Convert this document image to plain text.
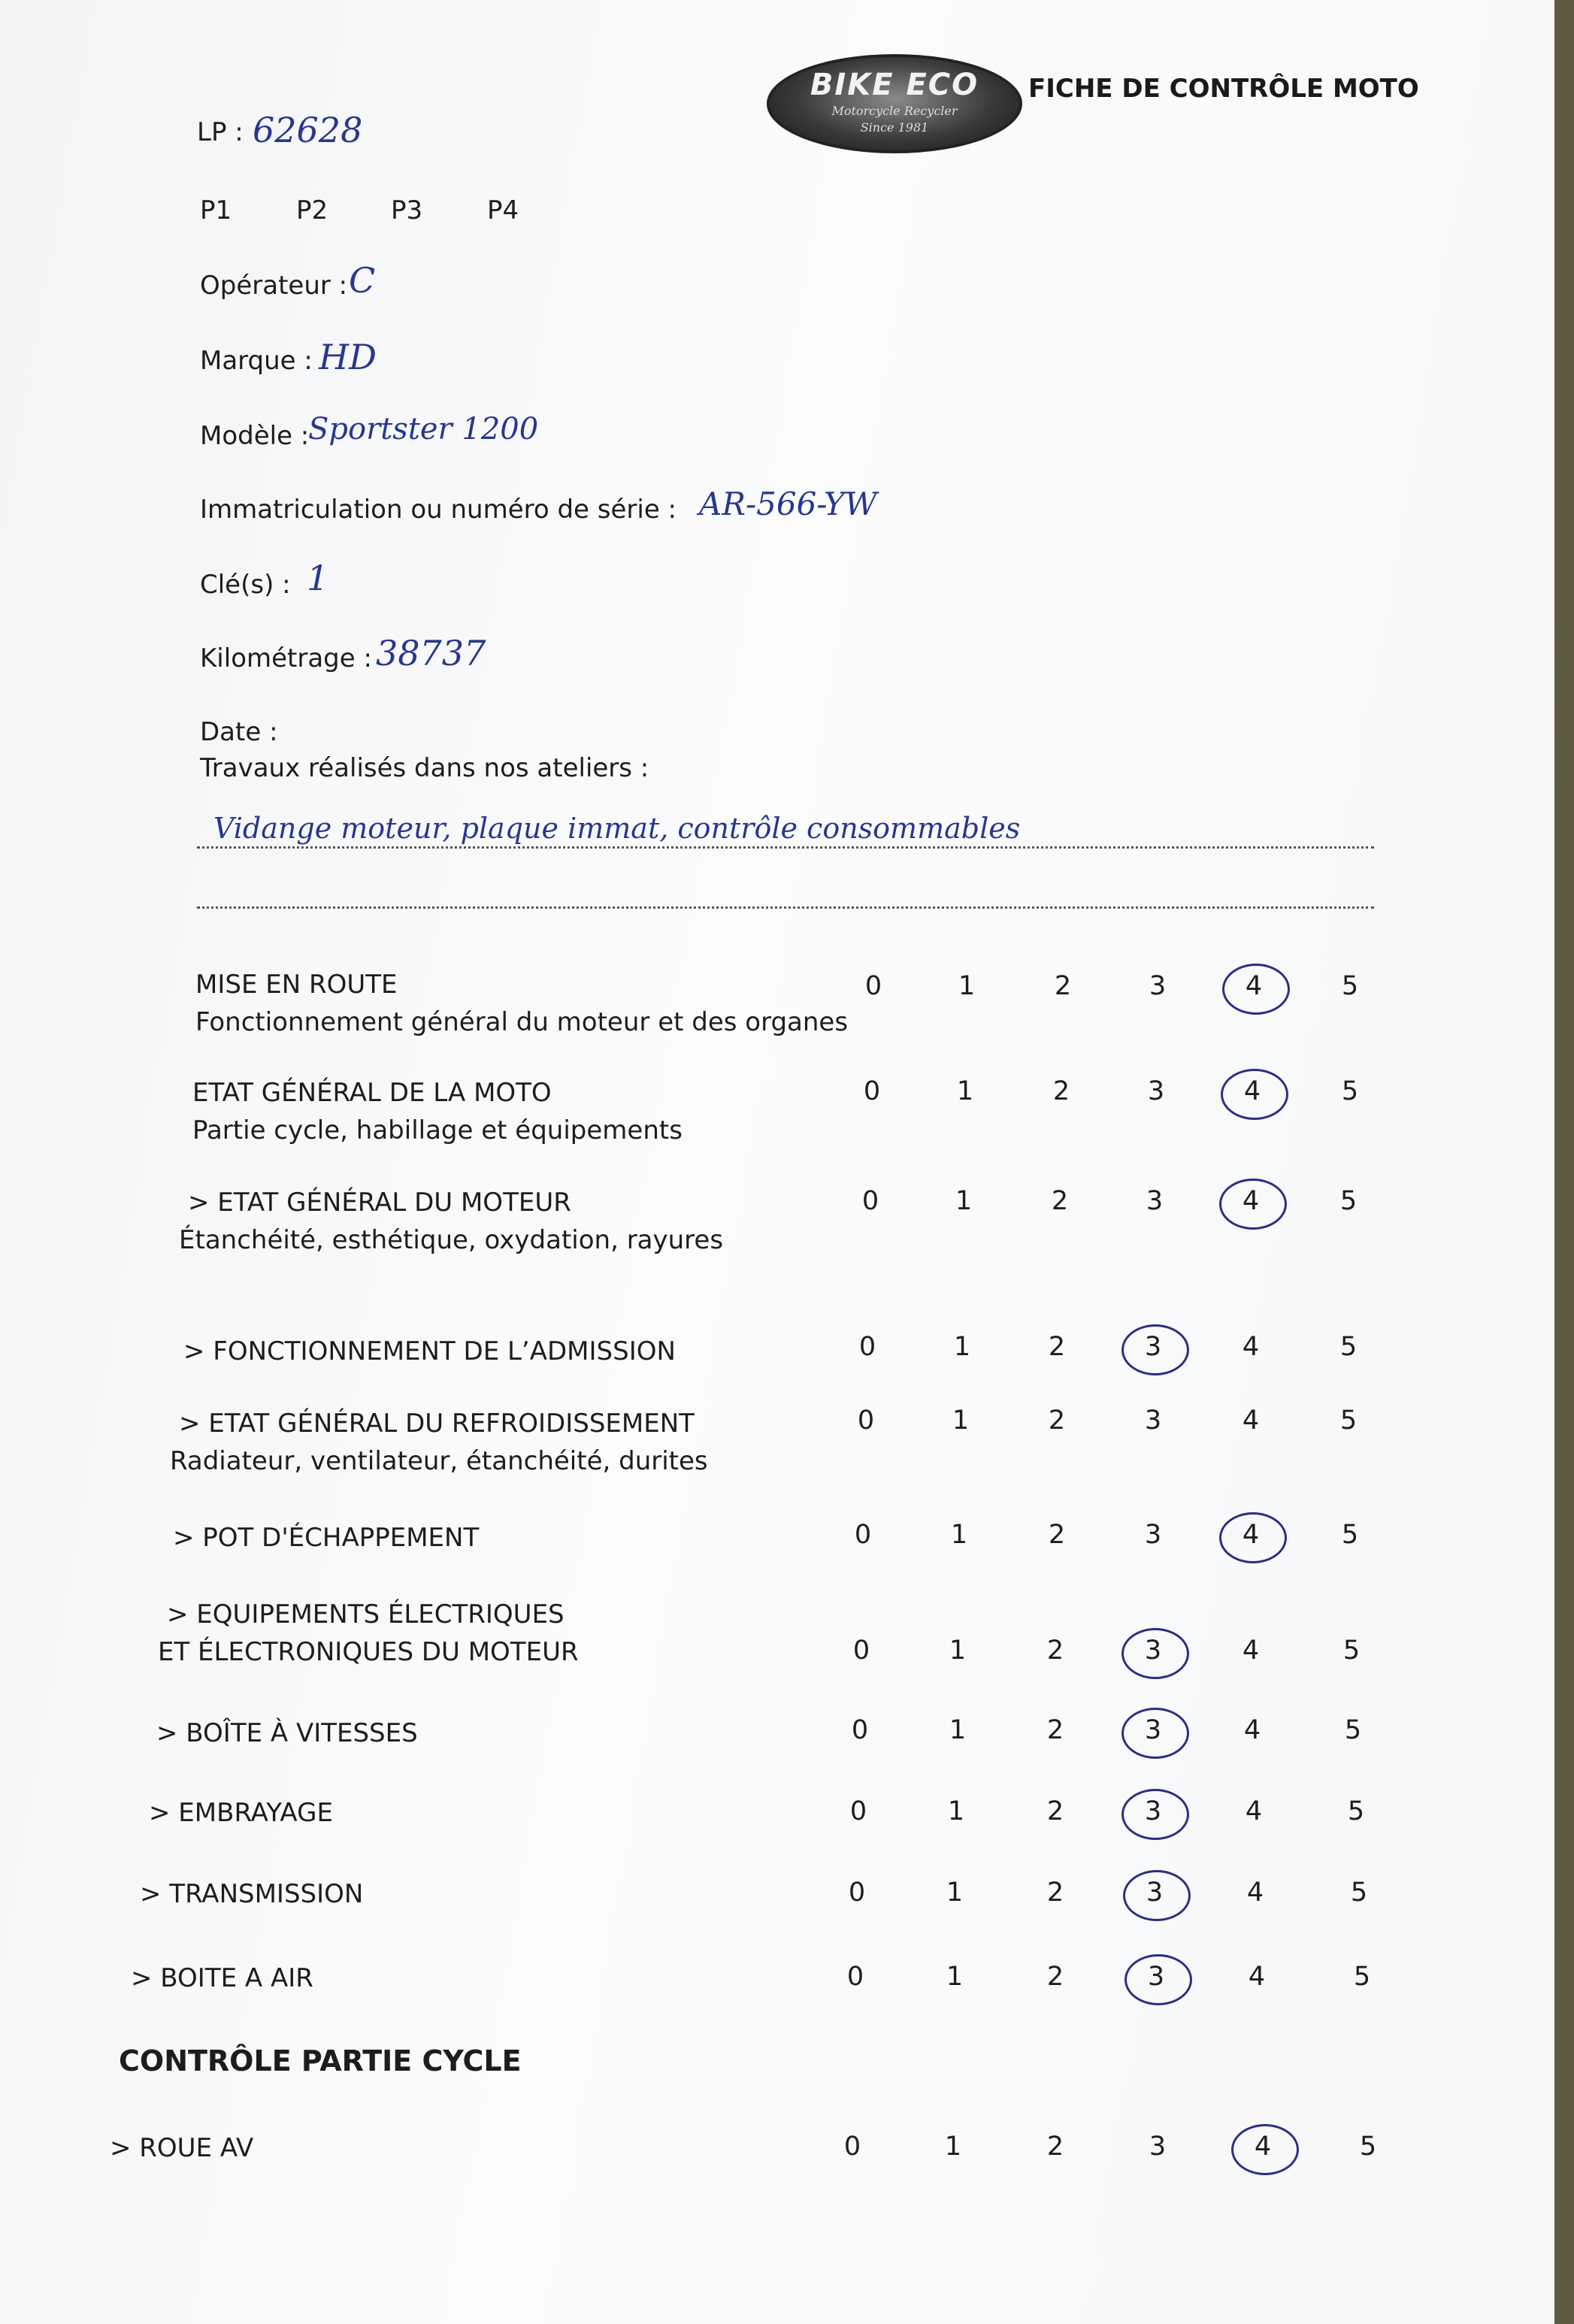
BIKE ECO
Motorcycle Recycler
Since 1981
FICHE DE CONTRÔLE MOTO
LP : 62628
P1	P2 P3	P4
Opérateur : C
Marque : HD
Modèle :
Sportster 1200
Immatriculation ou numéro de série : AR-566-YW
Clé(s) : 1
Kilométrage : 38737
Date :
Travaux réalisés dans nos ateliers :
Vidange moteur, plaque immat, contrôle consommables
MISE EN ROUTE
Fonctionnement général du moteur et des organes
0	1	2	3	4	5
ETAT GÉNÉRAL DE LA MOTO
Partie cycle, habillage et équipements
0	1	2	3	4	5
> ETAT GÉNÉRAL DU MOTEUR
Étanchéité, esthétique, oxydation, rayures
0	1	2	3	4	5
> FONCTIONNEMENT DE L’ADMISSION	0	1	2	3	4	5
> ETAT GÉNÉRAL DU REFROIDISSEMENT
Radiateur, ventilateur, étanchéité, durites
0	1	2	3	4	5
> POT D'ÉCHAPPEMENT	0	1	2	3	4	5
> EQUIPEMENTS ÉLECTRIQUES
ET ÉLECTRONIQUES DU MOTEUR	0	1	2	3	4	5
> BOÎTE À VITESSES	0	1	2	3	4	5
> EMBRAYAGE	0	1	2	3	4	5
> TRANSMISSION	0	1	2	3	4	5
> BOITE A AIR	0	1	2	3	4	5
> ROUE AV	0	1	2	3	4	5
CONTRÔLE PARTIE CYCLE
